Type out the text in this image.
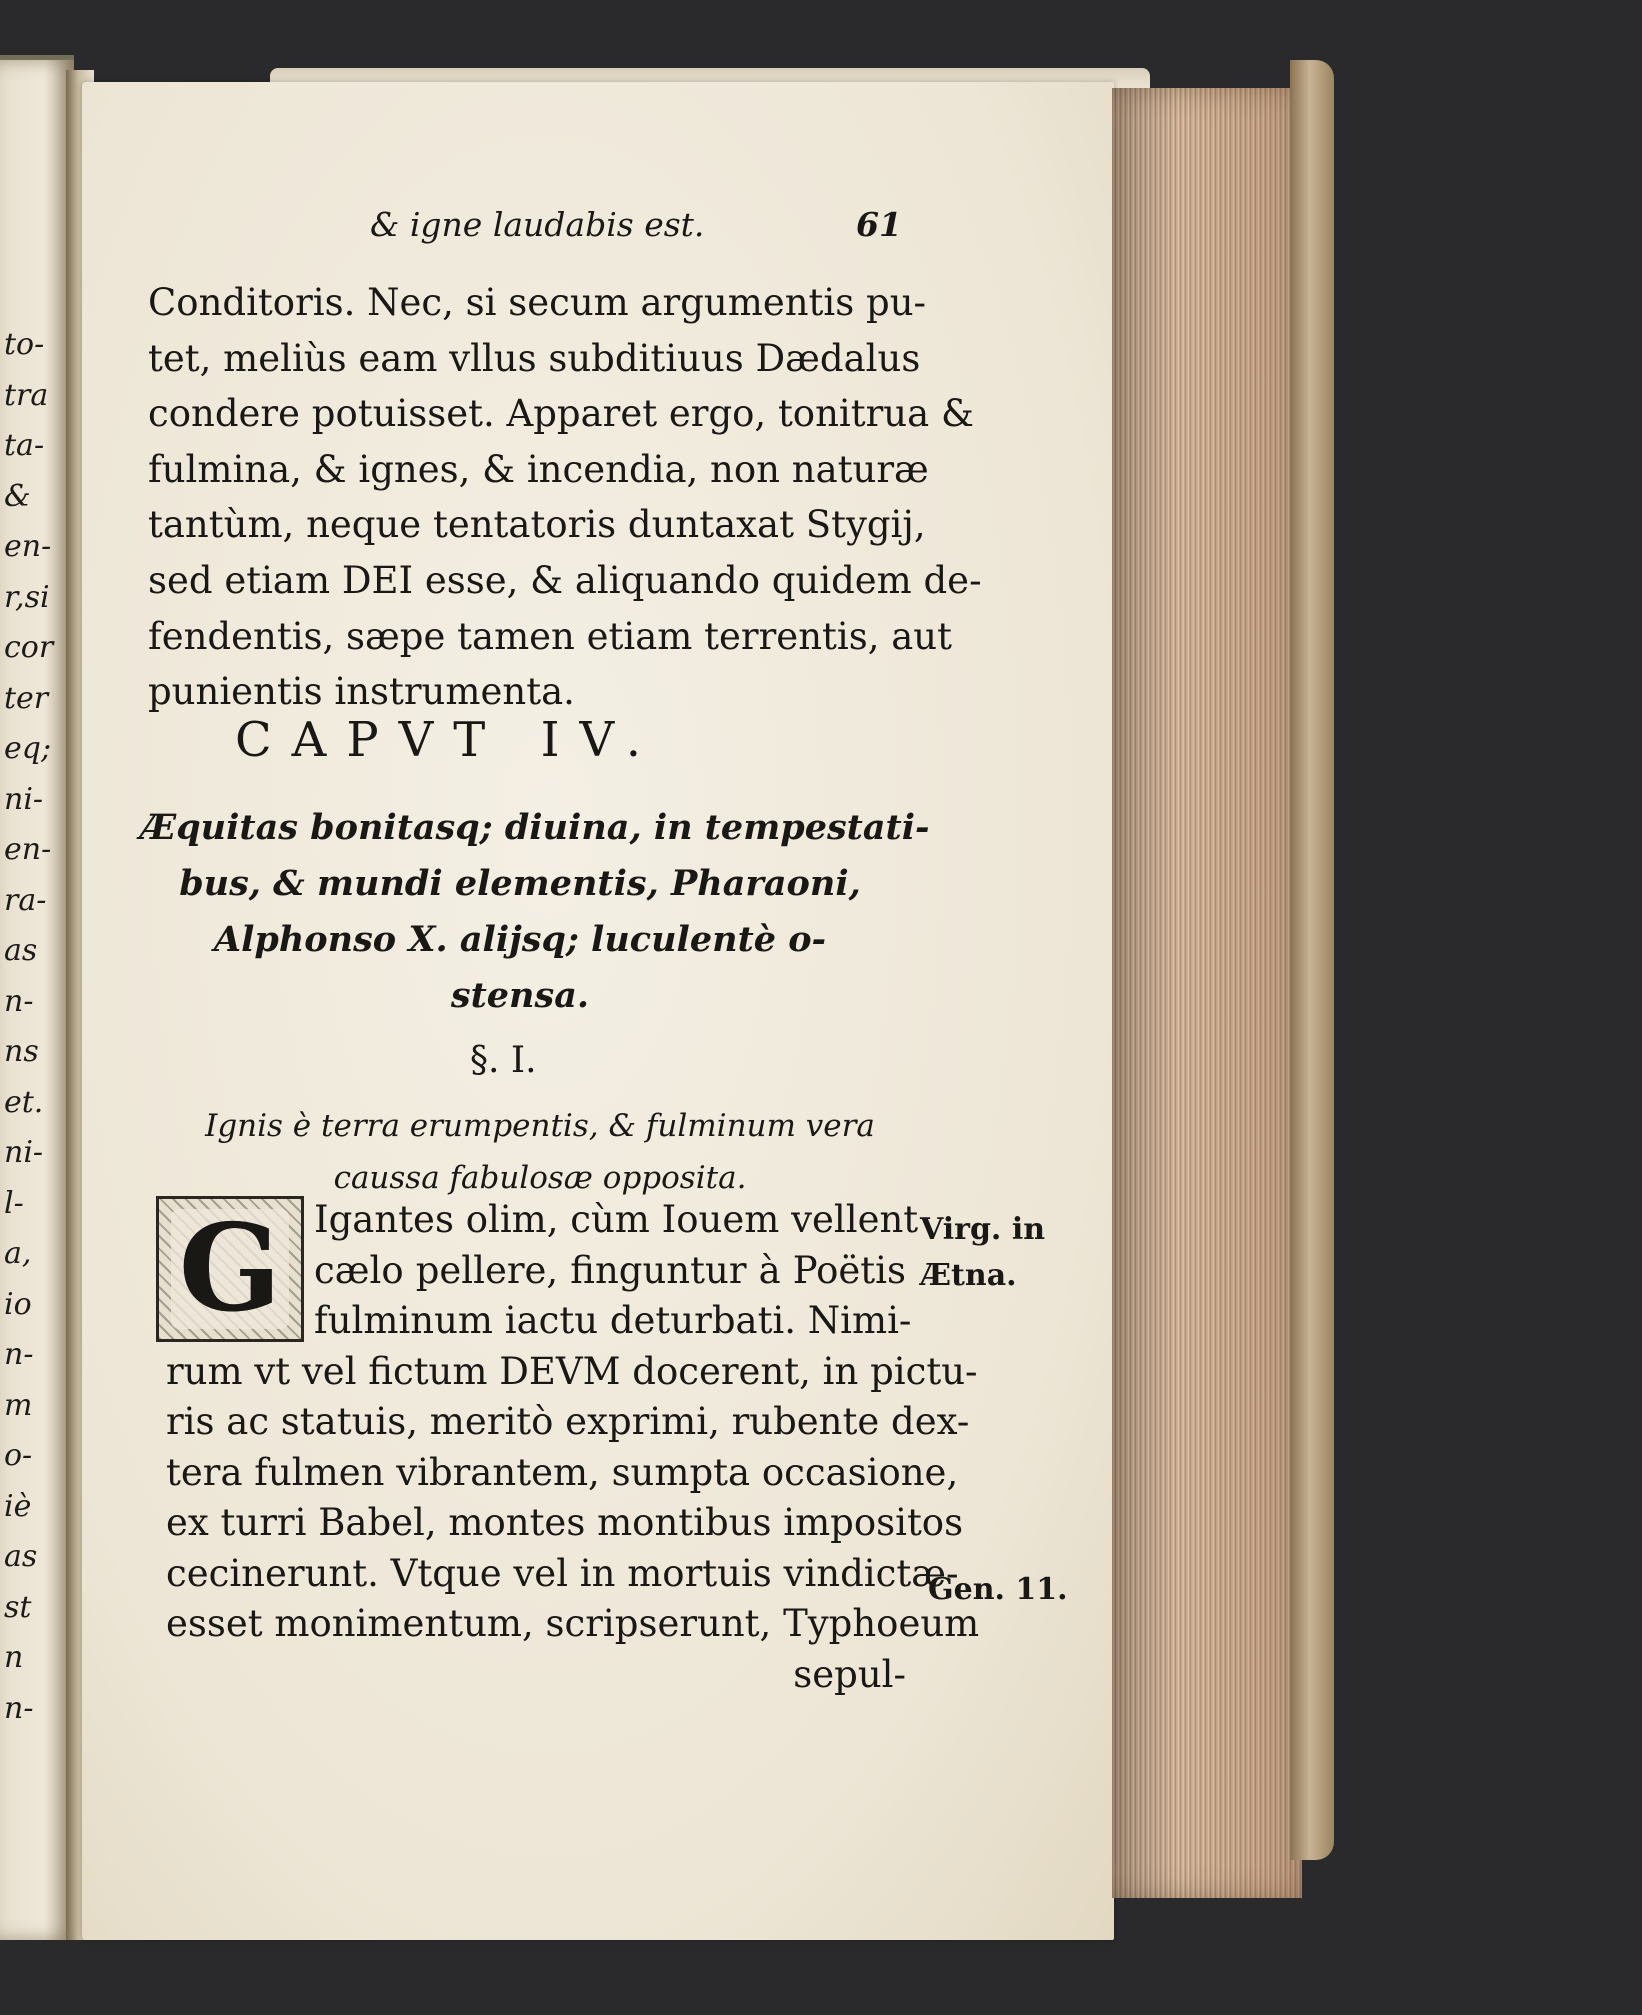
to-
tra
ta-
&
en-
r,si
cor
ter
eq;
ni-
en-
ra-
as
n-
ns
et.
ni-
l-
a,
io
n-
m
o-
iè
as
st
n
n-
& igne laudabis est.	61
Conditoris. Nec, si secum argumentis pu-
tet, meliùs eam vllus subditiuus Dædalus
condere potuisset. Apparet ergo, tonitrua &
fulmina, & ignes, & incendia, non naturæ
tantùm, neque tentatoris duntaxat Stygij,
sed etiam DEI esse, & aliquando quidem de-
fendentis, sæpe tamen etiam terrentis, aut
punientis instrumenta.
CAPVT IV.
Æquitas bonitasq; diuina, in tempestati-
bus, & mundi elementis, Pharaoni,
Alphonso X. alijsq; luculentè o-
stensa.
§. I.
Ignis è terra erumpentis, & fulminum vera
caussa fabulosæ opposita.
G Igantes olim, cùm Iouem vellent
cælo pellere, finguntur à Poëtis
fulminum iactu deturbati. Nimi-
rum vt vel fictum DEVM docerent, in pictu-
ris ac statuis, meritò exprimi, rubente dex-
tera fulmen vibrantem, sumpta occasione,
ex turri Babel, montes montibus impositos
cecinerunt. Vtque vel in mortuis vindictæ-
esset monimentum, scripserunt, Typhoeum
sepul-
Virg. in
Ætna.
Gen. 11.
